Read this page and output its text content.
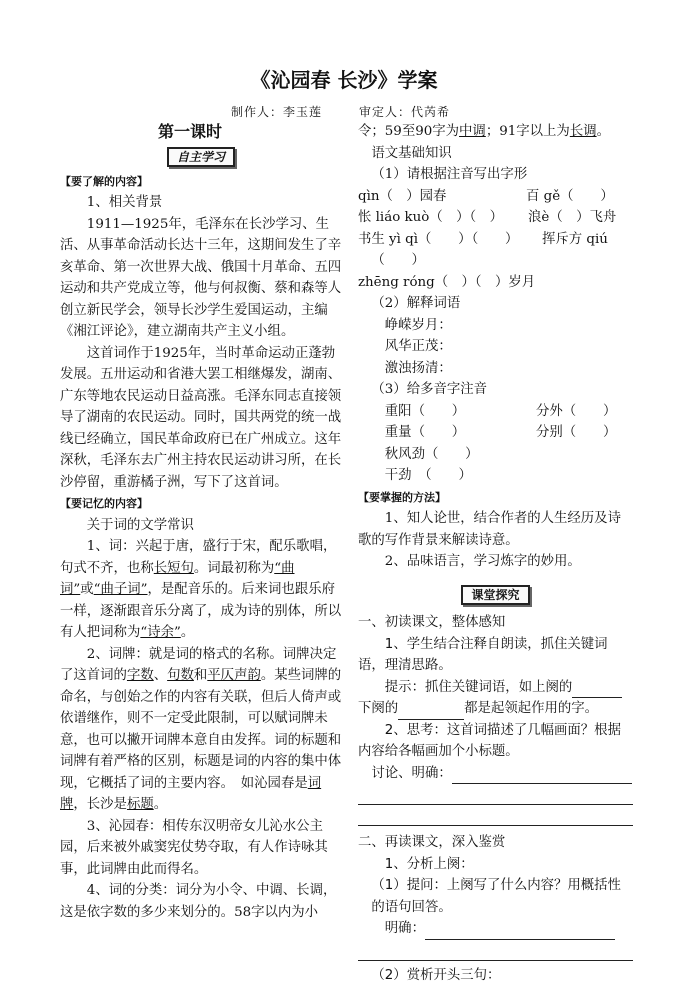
《沁园春 长沙》学案
制作人：李玉莲	审定人：代芮希
第一课时
自主学习

【要了解的内容】

1、相关背景

1911—1925年，毛泽东在长沙学习、生活、从事革命活动长达十三年，这期间发生了辛亥革命、第一次世界大战、俄国十月革命、五四运动和共产党成立等，他与何叔衡、蔡和森等人创立新民学会，领导长沙学生爱国运动，主编《湘江评论》，建立湖南共产主义小组。

这首词作于1925年，当时革命运动正蓬勃发展。五卅运动和省港大罢工相继爆发，湖南、广东等地农民运动日益高涨。毛泽东同志直接领导了湖南的农民运动。同时，国共两党的统一战线已经确立，国民革命政府已在广州成立。这年深秋，毛泽东去广州主持农民运动讲习所，在长沙停留，重游橘子洲，写下了这首词。

【要记忆的内容】

关于词的文学常识

1、词：兴起于唐，盛行于宋，配乐歌唱，句式不齐，也称长短句。词最初称为“曲词”或“曲子词”，是配音乐的。后来词也跟乐府一样，逐渐跟音乐分离了，成为诗的别体，所以有人把词称为“诗余”。

2、词牌：就是词的格式的名称。词牌决定了这首词的字数、句数和平仄声韵。某些词牌的命名，与创始之作的内容有关联，但后人倚声或依谱继作，则不一定受此限制，可以赋词牌未意，也可以撇开词牌本意自由发挥。词的标题和词牌有着严格的区别，标题是词的内容的集中体现，它概括了词的主要内容。　如沁园春是词牌，长沙是标题。

3、沁园春：相传东汉明帝女儿沁水公主园，后来被外戚窦宪仗势夺取，有人作诗咏其事，此词牌由此而得名。

4、词的分类：词分为小令、中调、长调，这是依字数的多少来划分的。58字以内为小

令；59至90字为中调；91字以上为长调。

语文基础知识

（1）请根据注音写出字形

qìn（　）园春	百 gě（　　）

怅 liáo kuò（　）（　） 浪è（　）飞舟

书生 yì qì（　　）（　　） 挥斥方 qiú

（　　）

zhēng róng（　）（　）岁月

（2）解释词语

峥嵘岁月：

风华正茂：

激浊扬清：

（3）给多音字注音

重阳（　　）	分外（　　）

重量（　　）	分别（　　）

秋风劲（　　）

干劲　（　　）

【要掌握的方法】

1、知人论世，结合作者的人生经历及诗歌的写作背景来解读诗意。

2、品味语言，学习炼字的妙用。

课堂探究

一、初读课文，整体感知

1、学生结合注释自朗读，抓住关键词语，理清思路。

提示：抓住关键词语，如上阕的

下阕的	都是起领起作用的字。

2、思考：这首词描述了几幅画面？根据内容给各幅画加个小标题。

讨论、明确：

二、再读课文，深入鉴赏

1、分析上阕：

（1）提问：上阕写了什么内容？用概括性的语句回答。

明确：

（2）赏析开头三句：
